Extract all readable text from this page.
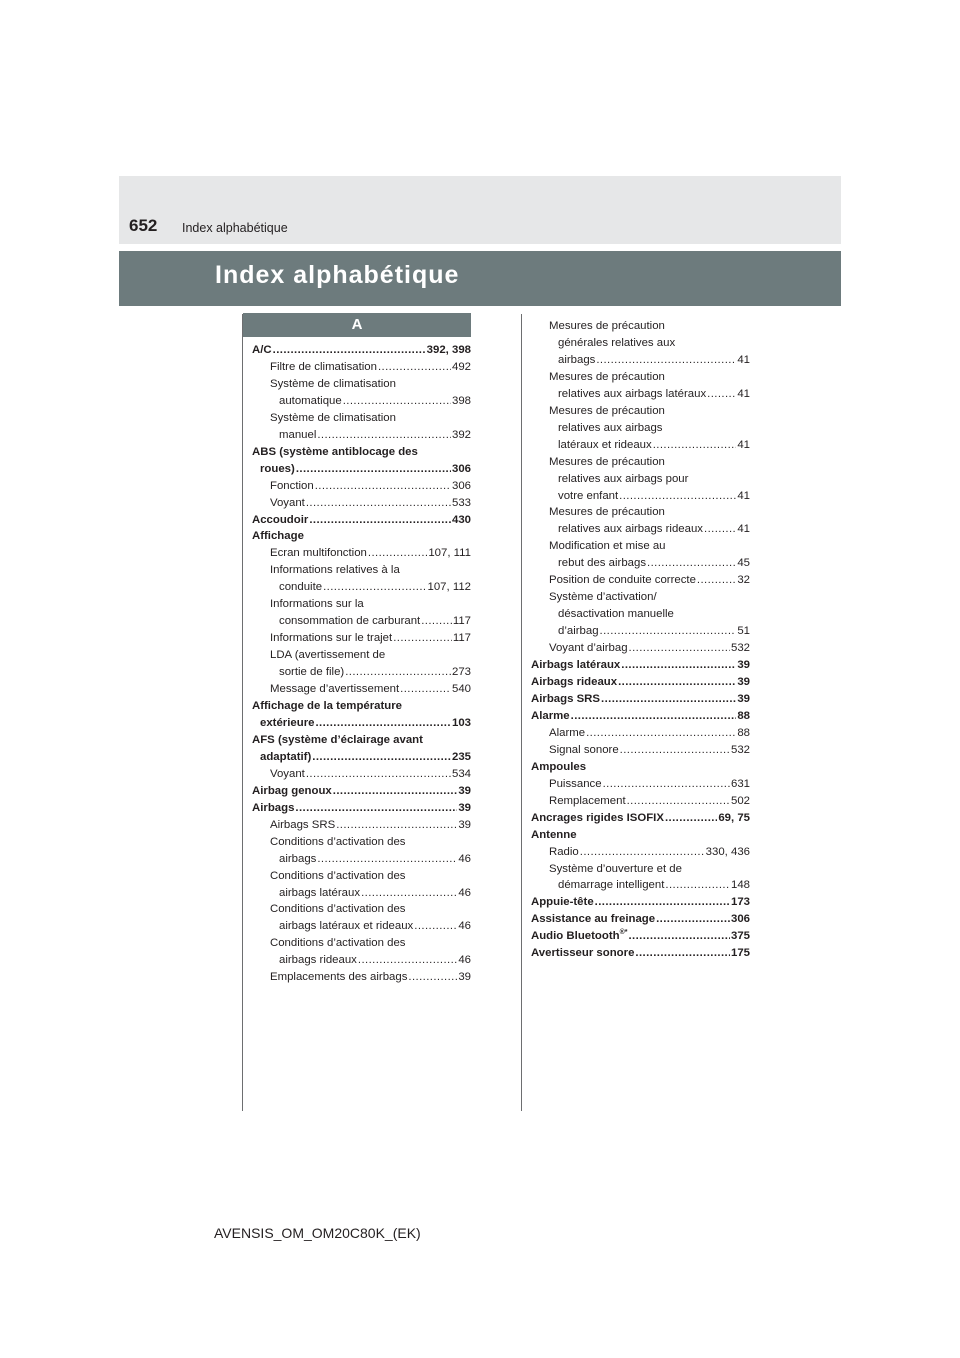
652 Index alphabétique
Index alphabétique
A
A/C .....	392, 398
Filtre de climatisation .....	492
Système de climatisation
automatique .....	398
Système de climatisation
manuel .....	392
ABS (système antiblocage des
roues) .....	306
Fonction .....	306
Voyant .....	533
Accoudoir .....	430
Affichage
Ecran multifonction .....	107, 111
Informations relatives à la
conduite .....	107, 112
Informations sur la
consommation de carburant .....	117
Informations sur le trajet .....	117
LDA (avertissement de
sortie de file) .....	273
Message d’avertissement .....	540
Affichage de la température
extérieure .....	103
AFS (système d’éclairage avant
adaptatif) .....	235
Voyant .....	534
Airbag genoux .....	39
Airbags .....	39
Airbags SRS .....	39
Conditions d’activation des
airbags .....	46
Conditions d’activation des
airbags latéraux .....	46
Conditions d’activation des
airbags latéraux et rideaux .....	46
Conditions d’activation des
airbags rideaux .....	46
Emplacements des airbags .....	39
Mesures de précaution
générales relatives aux
airbags .....	41
Mesures de précaution
relatives aux airbags latéraux .....	41
Mesures de précaution
relatives aux airbags
latéraux et rideaux .....	41
Mesures de précaution
relatives aux airbags pour
votre enfant .....	41
Mesures de précaution
relatives aux airbags rideaux .....	41
Modification et mise au
rebut des airbags .....	45
Position de conduite correcte .....	32
Système d’activation/
désactivation manuelle
d’airbag .....	51
Voyant d’airbag .....	532
Airbags latéraux .....	39
Airbags rideaux .....	39
Airbags SRS .....	39
Alarme .....	88
Alarme .....	88
Signal sonore .....	532
Ampoules
Puissance .....	631
Remplacement .....	502
Ancrages rigides ISOFIX .....	69, 75
Antenne
Radio .....	330, 436
Système d’ouverture et de
démarrage intelligent .....	148
Appuie-tête .....	173
Assistance au freinage .....	306
Audio Bluetooth®* .....	375
Avertisseur sonore .....	175
AVENSIS_OM_OM20C80K_(EK)
